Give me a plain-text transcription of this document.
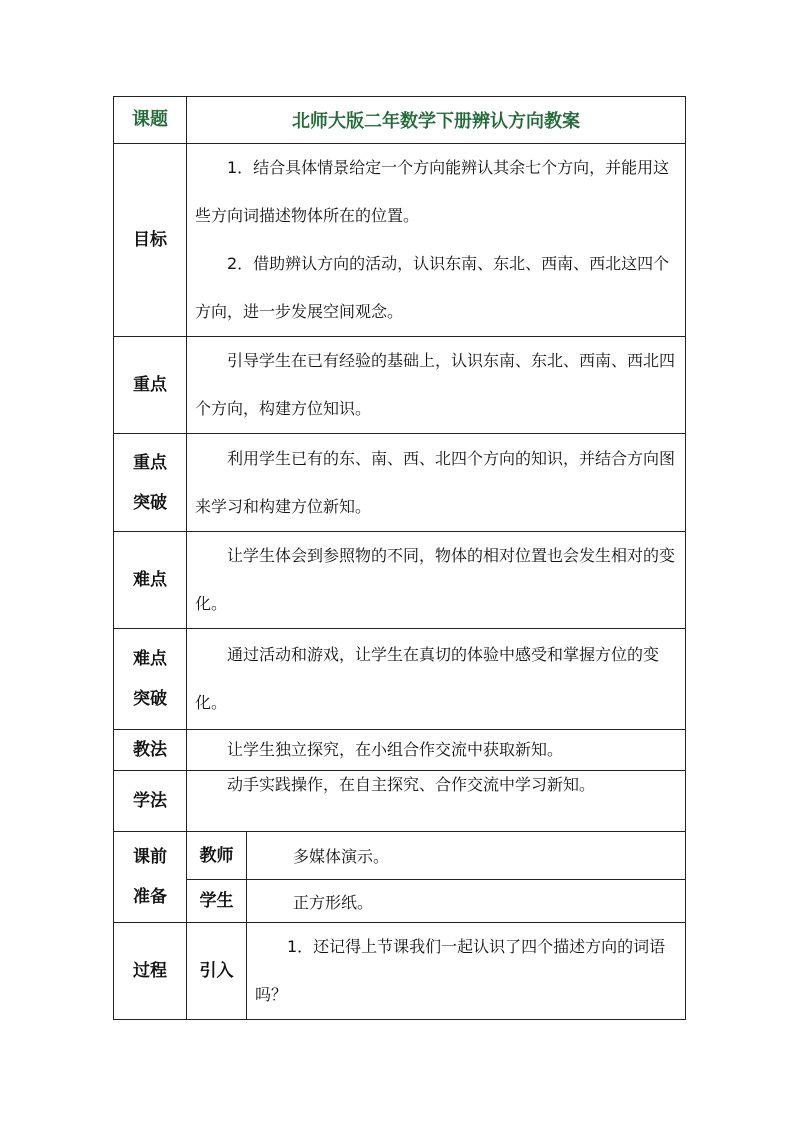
课题	北师大版二年数学下册辨认方向教案	
目标	1．结合具体情景给定一个方向能辨认其余七个方向，并能用这些方向词描述物体所在的位置。

2．借助辨认方向的活动，认识东南、东北、西南、西北这四个方向，进一步发展空间观念。	

重点	引导学生在已有经验的基础上，认识东南、东北、西南、西北四个方向，构建方位知识。	

重点
突破	利用学生已有的东、南、西、北四个方向的知识，并结合方向图来学习和构建方位新知。	

难点	让学生体会到参照物的不同，物体的相对位置也会发生相对的变化。	

难点
突破	通过活动和游戏，让学生在真切的体验中感受和掌握方位的变化。	

教法	让学生独立探究，在小组合作交流中获取新知。	

学法	动手实践操作，在自主探究、合作交流中学习新知。	

课前
准备	教师	多媒体演示。
	学生	正方形纸。
过程	引入	1．还记得上节课我们一起认识了四个描述方向的词语吗？
